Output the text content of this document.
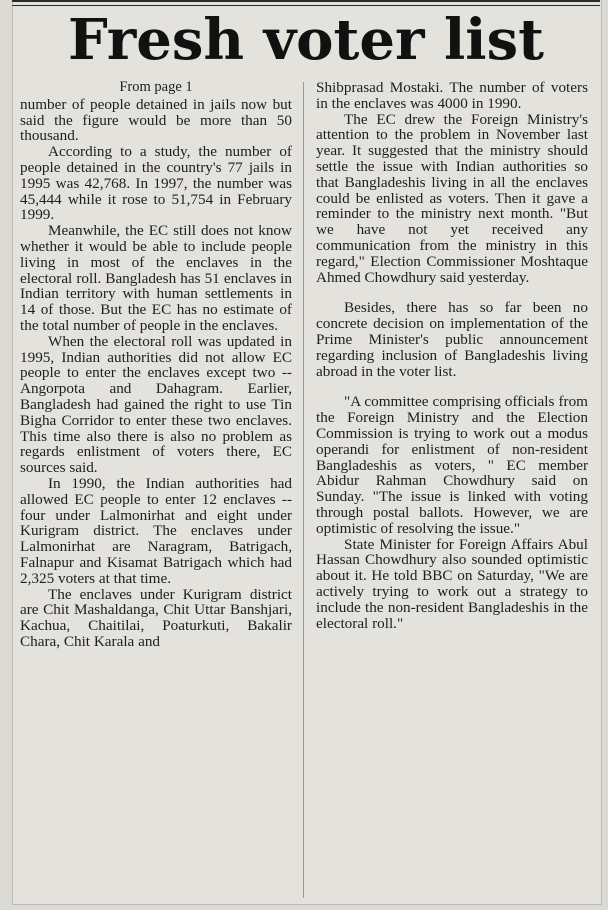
Fresh voter list
From page 1

number of people detained in jails now but said the figure would be more than 50 thousand.

According to a study, the number of people detained in the country's 77 jails in 1995 was 42,768. In 1997, the number was 45,444 while it rose to 51,754 in February 1999.

Meanwhile, the EC still does not know whether it would be able to include people living in most of the enclaves in the electoral roll. Bangladesh has 51 enclaves in Indian territory with human settlements in 14 of those. But the EC has no estimate of the total number of people in the enclaves.

When the electoral roll was updated in 1995, Indian authorities did not allow EC people to enter the enclaves except two -- Angorpota and Dahagram. Earlier, Bangladesh had gained the right to use Tin Bigha Corridor to enter these two enclaves. This time also there is also no problem as regards enlistment of voters there, EC sources said.

In 1990, the Indian authorities had allowed EC people to enter 12 enclaves -- four under Lalmonirhat and eight under Kurigram district. The enclaves under Lalmonirhat are Naragram, Batrigach, Falnapur and Kisamat Batrigach which had 2,325 voters at that time.

The enclaves under Kurigram district are Chit Mashaldanga, Chit Uttar Banshjari, Kachua, Chaitilai, Poaturkuti, Bakalir Chara, Chit Karala and

Shibprasad Mostaki. The number of voters in the enclaves was 4000 in 1990.

The EC drew the Foreign Ministry's attention to the problem in November last year. It suggested that the ministry should settle the issue with Indian authorities so that Bangladeshis living in all the enclaves could be enlisted as voters. Then it gave a reminder to the ministry next month. "But we have not yet received any communication from the ministry in this regard," Election Commissioner Moshtaque Ahmed Chowdhury said yesterday.

Besides, there has so far been no concrete decision on implementation of the Prime Minister's public announcement regarding inclusion of Bangladeshis living abroad in the voter list.

"A committee comprising officials from the Foreign Ministry and the Election Commission is trying to work out a modus operandi for enlistment of non-resident Bangladeshis as voters, " EC member Abidur Rahman Chowdhury said on Sunday. "The issue is linked with voting through postal ballots. However, we are optimistic of resolving the issue."

State Minister for Foreign Affairs Abul Hassan Chowdhury also sounded optimistic about it. He told BBC on Saturday, "We are actively trying to work out a strategy to include the non-resident Bangladeshis in the electoral roll."
